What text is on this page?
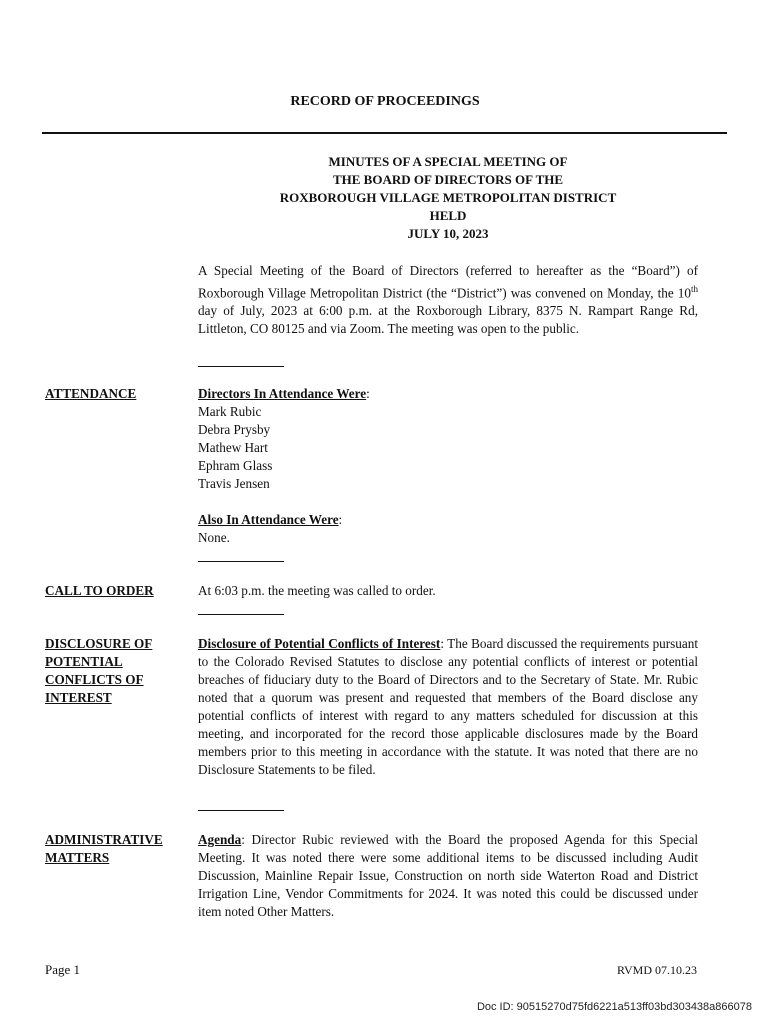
RECORD OF PROCEEDINGS
MINUTES OF A SPECIAL MEETING OF
THE BOARD OF DIRECTORS OF THE
ROXBOROUGH VILLAGE METROPOLITAN DISTRICT
HELD
JULY 10, 2023
A Special Meeting of the Board of Directors (referred to hereafter as the “Board”) of Roxborough Village Metropolitan District (the “District”) was convened on Monday, the 10th day of July, 2023 at 6:00 p.m. at the Roxborough Library, 8375 N. Rampart Range Rd, Littleton, CO 80125 and via Zoom. The meeting was open to the public.
ATTENDANCE	Directors In Attendance Were:
Mark Rubic
Debra Prysby
Mathew Hart
Ephram Glass
Travis Jensen
Also In Attendance Were:
None.
CALL TO ORDER	At 6:03 p.m. the meeting was called to order.
DISCLOSURE OF
POTENTIAL
CONFLICTS OF
INTEREST
Disclosure of Potential Conflicts of Interest: The Board discussed the requirements pursuant to the Colorado Revised Statutes to disclose any potential conflicts of interest or potential breaches of fiduciary duty to the Board of Directors and to the Secretary of State. Mr. Rubic noted that a quorum was present and requested that members of the Board disclose any potential conflicts of interest with regard to any matters scheduled for discussion at this meeting, and incorporated for the record those applicable disclosures made by the Board members prior to this meeting in accordance with the statute. It was noted that there are no Disclosure Statements to be filed.
ADMINISTRATIVE
MATTERS
Agenda: Director Rubic reviewed with the Board the proposed Agenda for this Special Meeting. It was noted there were some additional items to be discussed including Audit Discussion, Mainline Repair Issue, Construction on north side Waterton Road and District Irrigation Line, Vendor Commitments for 2024. It was noted this could be discussed under item noted Other Matters.
Page 1	RVMD 07.10.23
Doc ID: 90515270d75fd6221a513ff03bd303438a866078
